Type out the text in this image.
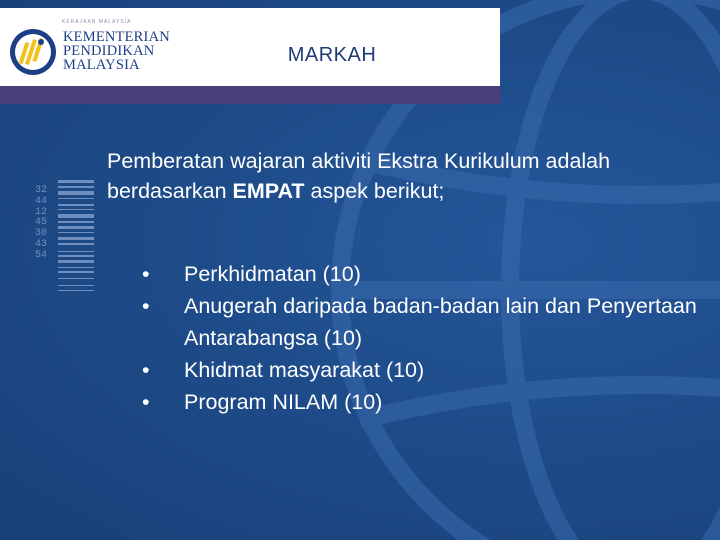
KERAJAAN MALAYSIA
KEMENTERIAN
PENDIDIKAN
MALAYSIA	MARKAH
32441245304354
Pemberatan wajaran aktiviti Ekstra Kurikulum adalah berdasarkan EMPAT aspek berikut;
• Perkhidmatan (10)
• Anugerah daripada badan-badan lain dan Penyertaan Antarabangsa (10)
• Khidmat masyarakat (10)
• Program NILAM (10)
